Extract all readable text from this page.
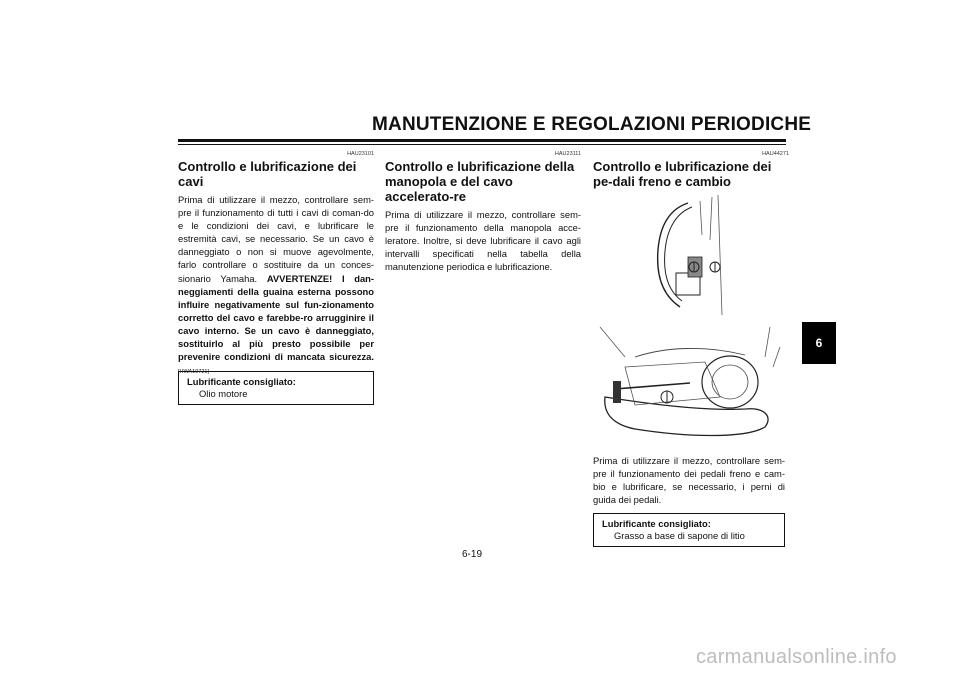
MANUTENZIONE E REGOLAZIONI PERIODICHE
HAU23101
Controllo e lubrificazione dei cavi
Prima di utilizzare il mezzo, controllare sem-pre il funzionamento di tutti i cavi di coman-do e le condizioni dei cavi, e lubrificare le estremità cavi, se necessario. Se un cavo è danneggiato o non si muove agevolmente, farlo controllare o sostituire da un conces-sionario Yamaha. AVVERTENZE! I dan-neggiamenti della guaina esterna possono influire negativamente sul fun-zionamento corretto del cavo e farebbe-ro arrugginire il cavo interno. Se un cavo è danneggiato, sostituirlo al più presto possibile per prevenire condizioni di mancata sicurezza. [HWA10721]
Lubrificante consigliato:
Olio motore
HAU23111
Controllo e lubrificazione della manopola e del cavo accelerato-re
Prima di utilizzare il mezzo, controllare sem-pre il funzionamento della manopola acce-leratore. Inoltre, si deve lubrificare il cavo agli intervalli specificati nella tabella della manutenzione periodica e lubrificazione.
HAU44271
Controllo e lubrificazione dei pe-dali freno e cambio
Prima di utilizzare il mezzo, controllare sem-pre il funzionamento dei pedali freno e cam-bio e lubrificare, se necessario, i perni di guida dei pedali.
Lubrificante consigliato:
Grasso a base di sapone di litio
6
6-19
carmanualsonline.info
